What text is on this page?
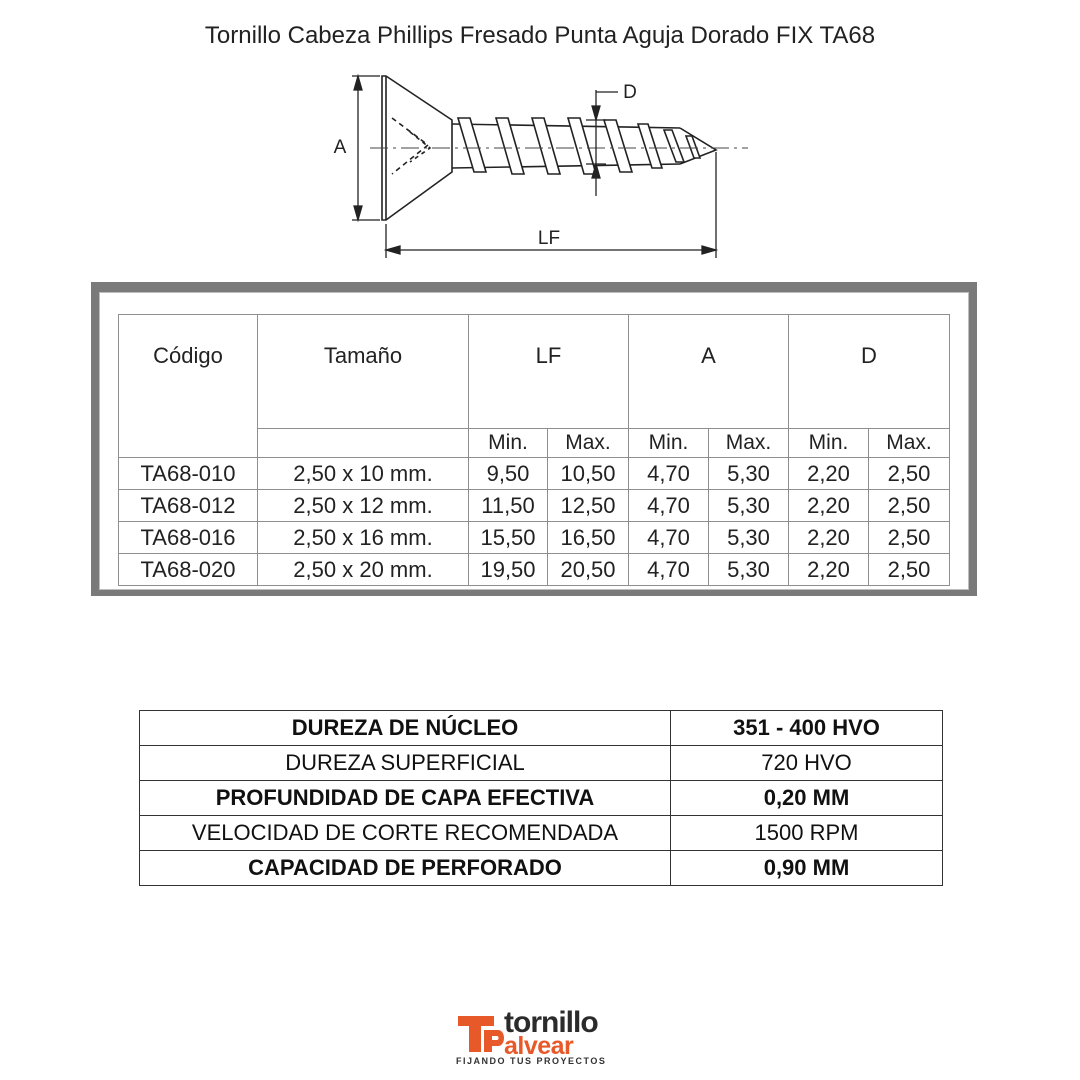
Tornillo Cabeza Phillips Fresado Punta Aguja Dorado FIX TA68
A
D
LF
Código	Tamaño	LF		A		D	
		Min.	Max.	Min.	Max.	Min.	Max.
TA68-010	2,50 x 10 mm.	9,50	10,50	4,70	5,30	2,20	2,50
TA68-012	2,50 x 12 mm.	11,50	12,50	4,70	5,30	2,20	2,50
TA68-016	2,50 x 16 mm.	15,50	16,50	4,70	5,30	2,20	2,50
TA68-020	2,50 x 20 mm.	19,50	20,50	4,70	5,30	2,20	2,50
DUREZA DE NÚCLEO	351 - 400 HVO
DUREZA SUPERFICIAL	720 HVO
PROFUNDIDAD DE CAPA EFECTIVA	0,20 MM
VELOCIDAD DE CORTE RECOMENDADA	1500 RPM
CAPACIDAD DE PERFORADO	0,90 MM
tornillo
alvear
FIJANDO TUS PROYECTOS
